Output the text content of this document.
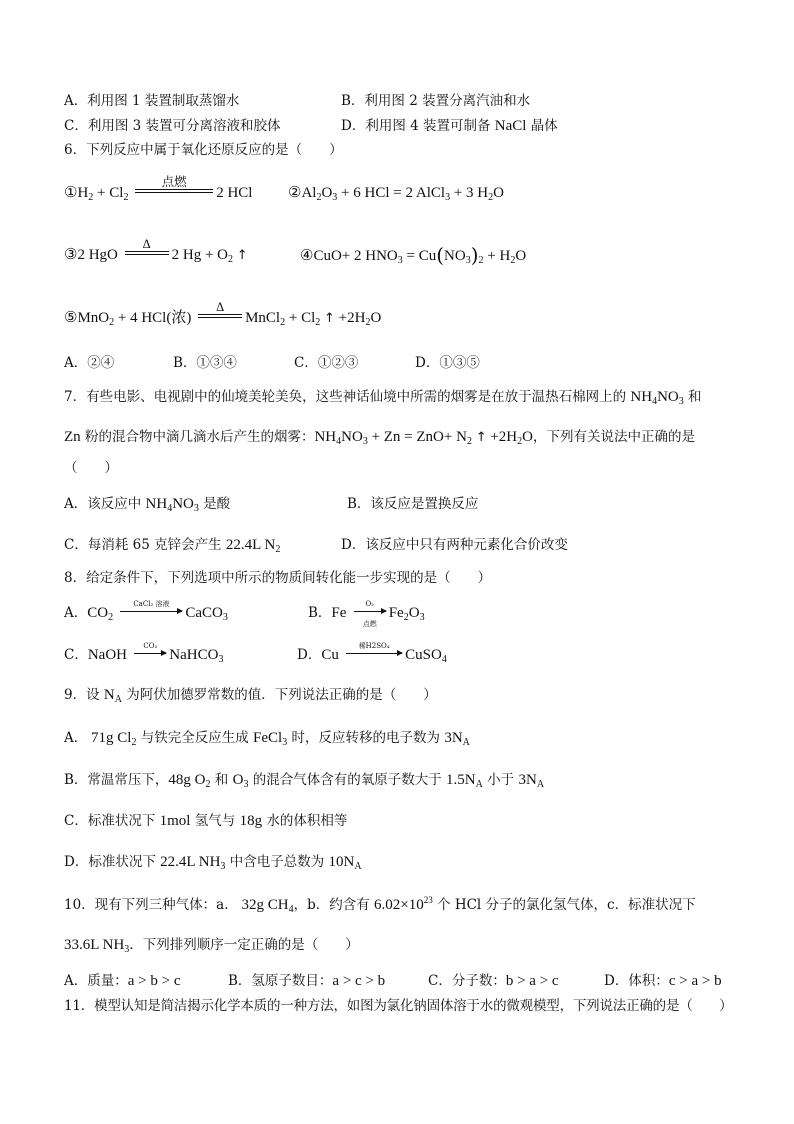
A．利用图 1 装置制取蒸馏水	B．利用图 2 装置分离汽油和水
C．利用图 3 装置可分离溶液和胶体	D．利用图 4 装置可制备 NaCl 晶体
6．下列反应中属于氧化还原反应的是（　　）
$①H_2 + Cl_2$
点燃
2 HCl $②Al_2O_3 + 6$ HCl = 2 AlCl$_3$ + 3 $H_2O$
③2 HgO
Δ
2 $Hg + O_2$ ↑	④CuO+ 2 $HNO_3 = Cu(NO_3)_2 + H_2O$
⑤MnO$_2$ + 4 HCl(浓)
Δ
MnCl$_2$ + $Cl_2$ ↑ $+2H_2O$
A．②④	B．①③④	C．①②③	D．①③⑤
7．有些电影、电视剧中的仙境美轮美奂，这些神话仙境中所需的烟雾是在放于温热石棉网上的 $NH_4NO_3$ 和
Zn 粉的混合物中滴几滴水后产生的烟雾：$NH_4NO_3 + Zn = ZnO+ N_2$ ↑ $+2H_2O$，下列有关说法中正确的是
（　　）
A．该反应中 $NH_4NO_3$ 是酸	B．该反应是置换反应
C．每消耗 65 克锌会产生 22.4L $N_2$	D．该反应中只有两种元素化合价改变
8．给定条件下，下列选项中所示的物质间转化能一步实现的是（　　）
A．$CO_2$
CaCl₂ 溶液
CaCO$_3$	B．Fe
O₂
点燃
$Fe_2O_3$
C．NaOH
CO₂
NaHCO$_3$	D．Cu
稀H2SO₄
CuSO$_4$
9．设 $N_A$ 为阿伏加德罗常数的值．下列说法正确的是（　　）
A． 71g $Cl_2$ 与铁完全反应生成 FeCl$_3$ 时，反应转移的电子数为 $3N_A$
B．常温常压下，48g $O_2$ 和 $O_3$ 的混合气体含有的氧原子数大于 $1.5N_A$ 小于 $3N_A$
C．标准状况下 1mol 氢气与 18g 水的体积相等
D．标准状况下 22.4L $NH_3$ 中含电子总数为 $10N_A$
10．现有下列三种气体：a． 32g $CH_4$，b．约含有 $6.02\times 10^{23}$ 个 HCl 分子的氯化氢气体，c．标准状况下
33.6L $NH_3$．下列排列顺序一定正确的是（　　）
A．质量：a > b > c	B．氢原子数目：a > c > b	C．分子数：b > a > c	D．体积：c > a > b
11．模型认知是简洁揭示化学本质的一种方法，如图为氯化钠固体溶于水的微观模型，下列说法正确的是（　　）
